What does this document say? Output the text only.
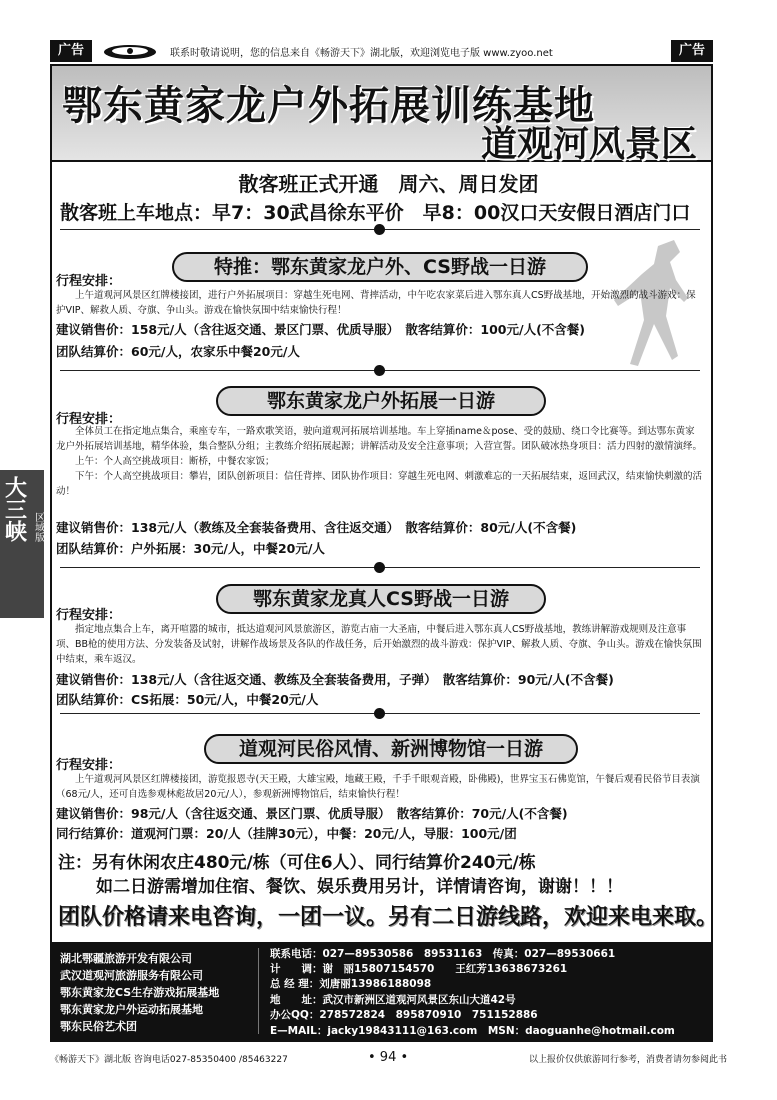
广告	联系时敬请说明，您的信息来自《畅游天下》湖北版，欢迎浏览电子版 www.zyoo.net	广告
鄂东黄家龙户外拓展训练基地
道观河风景区
散客班正式开通　周六、周日发团
散客班上车地点：早7：30武昌徐东平价　早8：00汉口天安假日酒店门口
特推：鄂东黄家龙户外、CS野战一日游
行程安排：

上午道观河风景区红牌楼接团，进行户外拓展项目：穿越生死电网、背摔活动，中午吃农家菜后进入鄂东真人CS野战基地，开始激烈的战斗游戏：保护VIP、解救人质、夺旗、争山头。游戏在愉快氛围中结束愉快行程！

建议销售价：158元/人（含往返交通、景区门票、优质导服）　散客结算价：100元/人(不含餐)
团队结算价：60元/人，农家乐中餐20元/人
鄂东黄家龙户外拓展一日游
行程安排：

全体员工在指定地点集合，乘座专车，一路欢歌笑语，驶向道观河拓展培训基地。车上穿插name＆pose、受的鼓励、绕口令比赛等。到达鄂东黄家龙户外拓展培训基地，精华体验，集合整队分组；主教练介绍拓展起源；讲解活动及安全注意事项；入营宣誓。团队破冰热身项目：活力四射的激情演绎。

上午：个人高空挑战项目：断桥，中餐农家饭；

下午：个人高空挑战项目：攀岩，团队创新项目：信任背摔、团队协作项目：穿越生死电网、刺激难忘的一天拓展结束，返回武汉，结束愉快刺激的活动！

建议销售价：138元/人（教练及全套装备费用、含往返交通）　散客结算价：80元/人(不含餐)
团队结算价：户外拓展：30元/人，中餐20元/人
鄂东黄家龙真人CS野战一日游
行程安排：

指定地点集合上车，离开喧嚣的城市，抵达道观河风景旅游区，游览古庙一大圣庙，中餐后进入鄂东真人CS野战基地，教练讲解游戏规则及注意事项、BB枪的使用方法、分发装备及试射，讲解作战场景及各队的作战任务，后开始激烈的战斗游戏：保护VIP、解救人质、夺旗、争山头。游戏在愉快氛围中结束，乘车返汉。

建议销售价：138元/人（含往返交通、教练及全套装备费用，子弹）　散客结算价：90元/人(不含餐)
团队结算价：CS拓展：50元/人，中餐20元/人
道观河民俗风情、新洲博物馆一日游
行程安排：

上午道观河风景区红牌楼接团，游览报恩寺(天王殿，大雄宝殿，地藏王殿，千手千眼观音殿，卧佛殿)，世界宝玉石佛览馆，午餐后观看民俗节目表演（68元/人，还可自选参观林彪故居20元/人），参观新洲博物馆后，结束愉快行程！

建议销售价：98元/人（含往返交通、景区门票、优质导服）　散客结算价：70元/人(不含餐)
同行结算价：道观河门票：20/人（挂牌30元），中餐：20元/人，导服：100元/团
注：另有休闲农庄480元/栋（可住6人）、同行结算价240元/栋
如二日游需增加住宿、餐饮、娱乐费用另计，详情请咨询，谢谢！！！
团队价格请来电咨询，一团一议。另有二日游线路，欢迎来电来取。
湖北鄂疆旅游开发有限公司
武汉道观河旅游服务有限公司
鄂东黄家龙CS生存游戏拓展基地
鄂东黄家龙户外运动拓展基地
鄂东民俗艺术团
联系电话：027—89530586　89531163　传真：027—89530661
计　　调：谢　丽15807154570　　王红芳13638673261
总 经 理：刘唐丽13986188098
地　　址：武汉市新洲区道观河风景区东山大道42号
办公QQ：278572824　895870910　751152886
E—MAIL：jacky19843111@163.com　MSN：daoguanhe@hotmail.com
大三峡 区域版
《畅游天下》湖北版 咨询电话027-85350400 /85463227	• 94 •	以上报价仅供旅游同行参考，消费者请勿参阅此书
